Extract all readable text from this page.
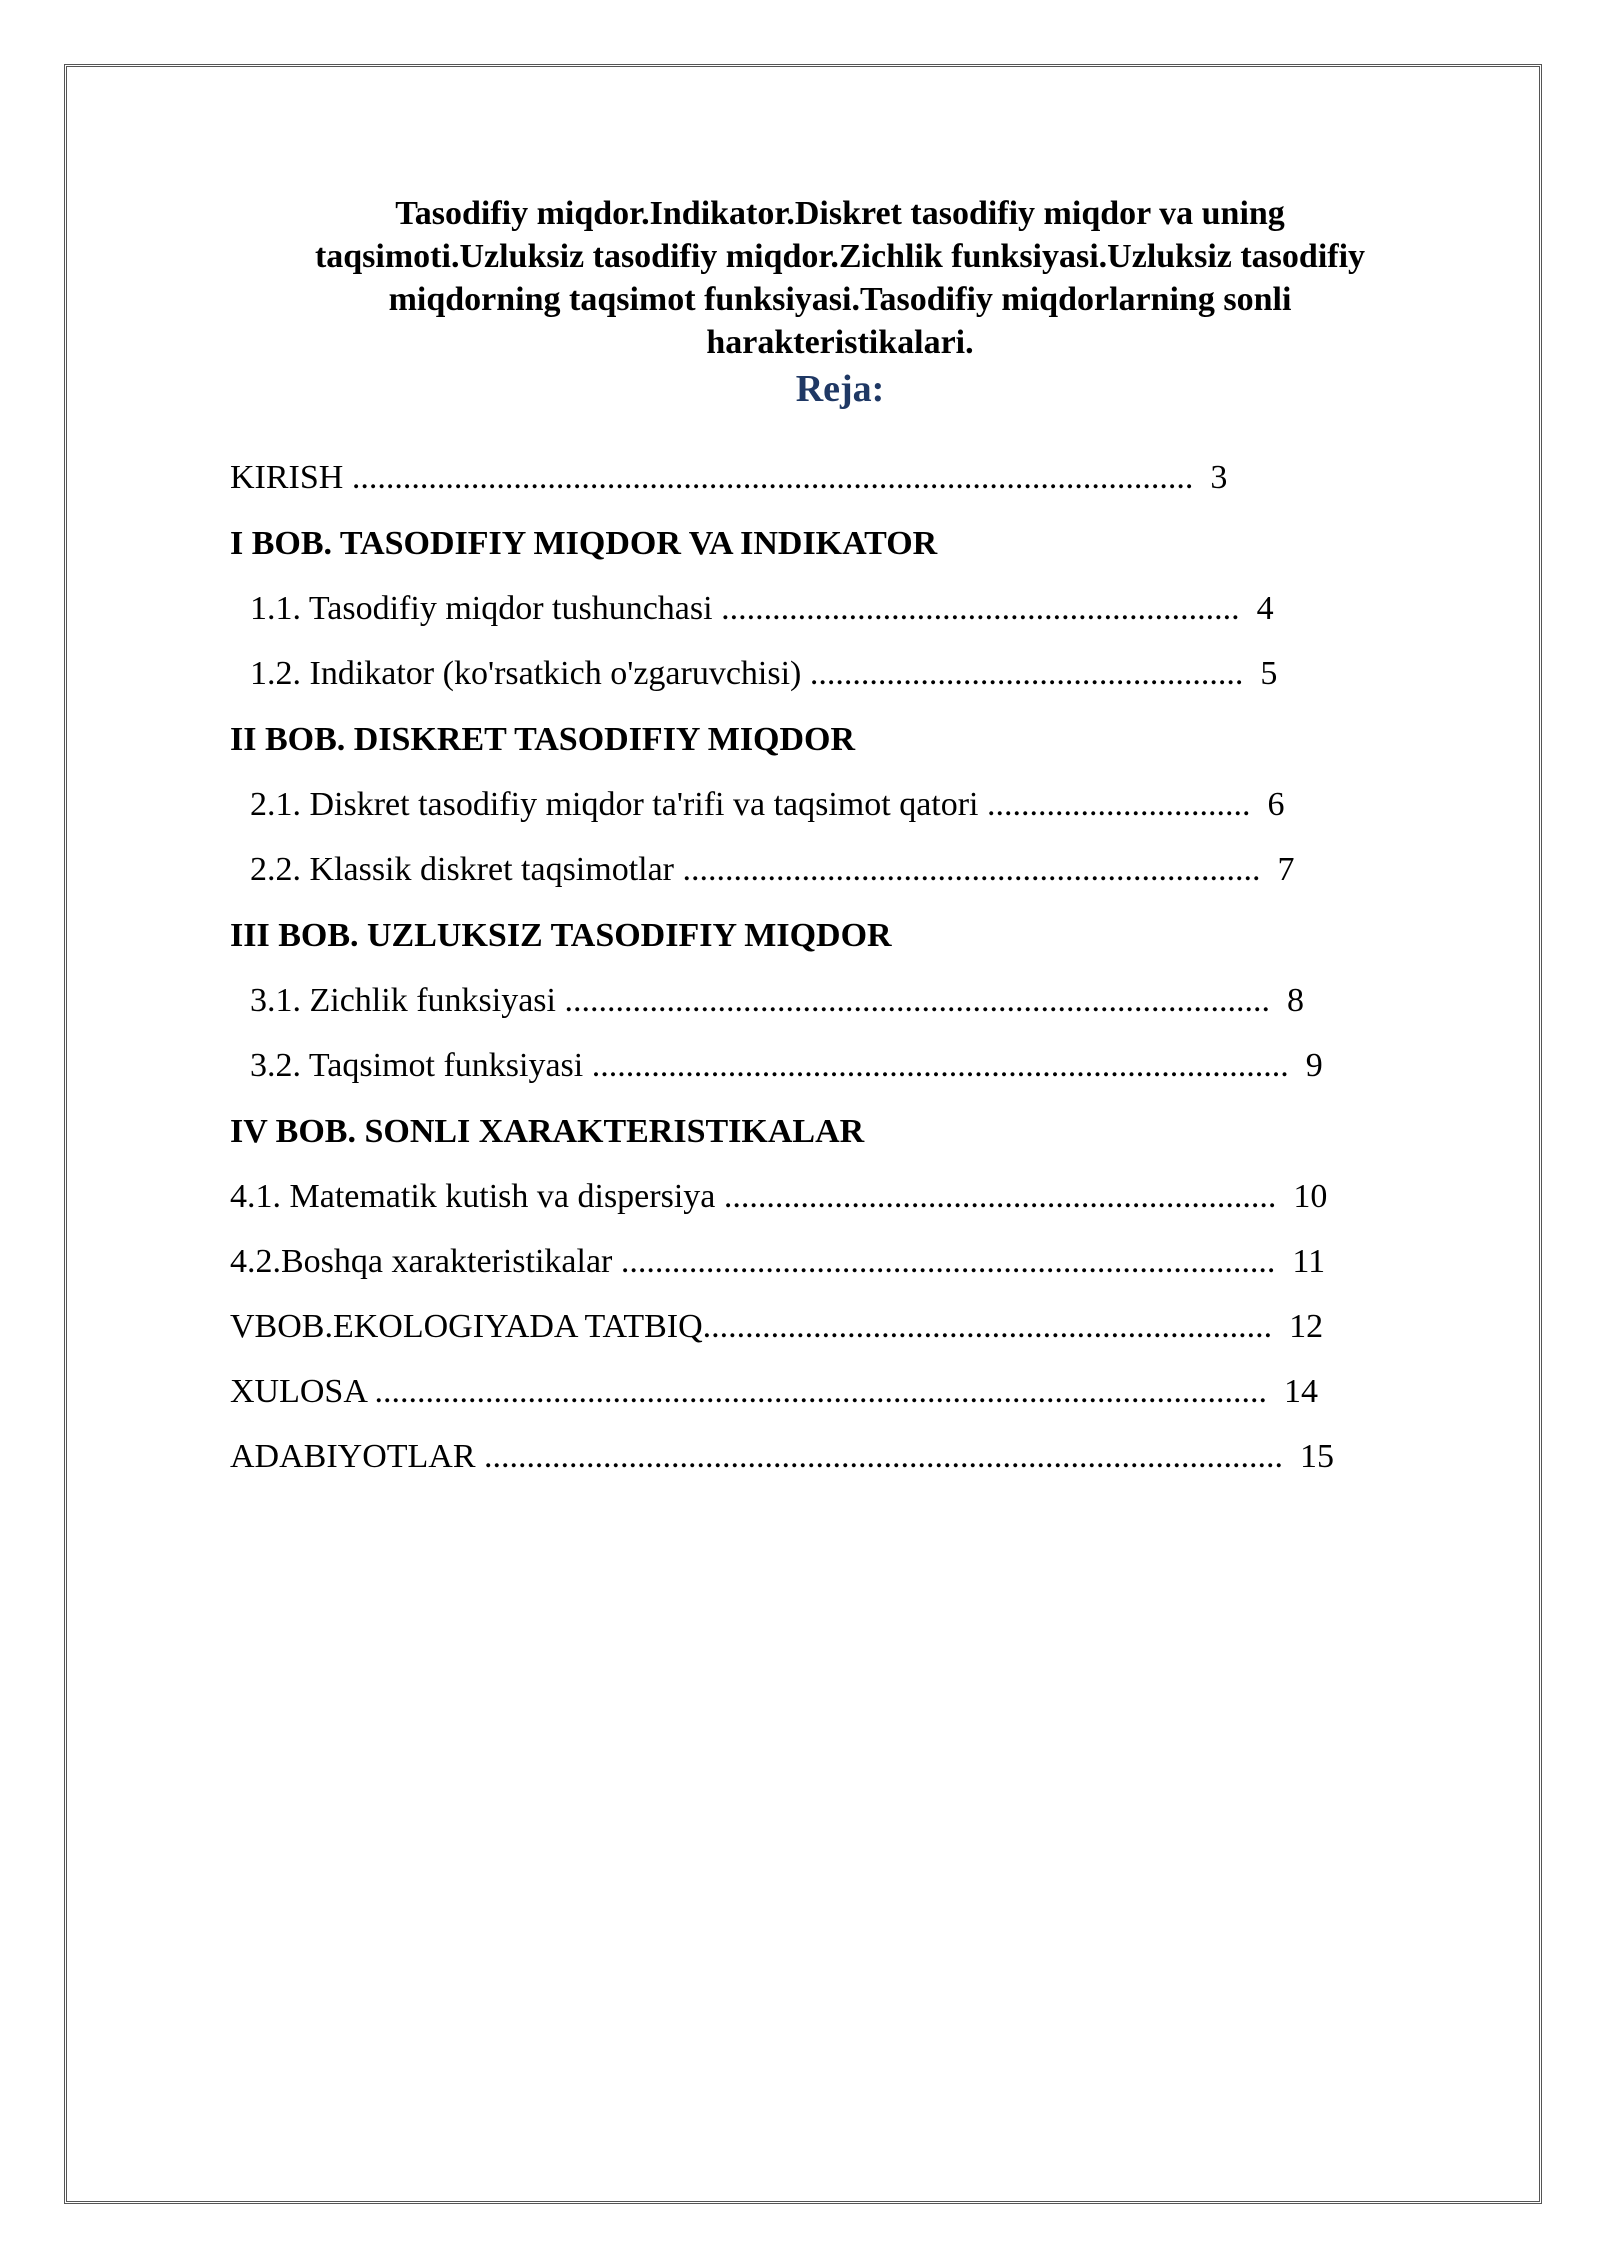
Tasodifiy miqdor.Indikator.Diskret tasodifiy miqdor va uning
taqsimoti.Uzluksiz tasodifiy miqdor.Zichlik funksiyasi.Uzluksiz tasodifiy
miqdorning taqsimot funksiyasi.Tasodifiy miqdorlarning sonli
harakteristikalari.
Reja:
KIRISH ................................................................................................... 3
I BOB. TASODIFIY MIQDOR VA INDIKATOR
1.1. Tasodifiy miqdor tushunchasi ............................................................. 4
1.2. Indikator (ko'rsatkich o'zgaruvchisi) ................................................... 5
II BOB. DISKRET TASODIFIY MIQDOR
2.1. Diskret tasodifiy miqdor ta'rifi va taqsimot qatori ............................... 6
2.2. Klassik diskret taqsimotlar .................................................................... 7
III BOB. UZLUKSIZ TASODIFIY MIQDOR
3.1. Zichlik funksiyasi ................................................................................... 8
3.2. Taqsimot funksiyasi .................................................................................. 9
IV BOB. SONLI XARAKTERISTIKALAR
4.1. Matematik kutish va dispersiya ................................................................. 10
4.2.Boshqa xarakteristikalar ............................................................................. 11
VBOB.EKOLOGIYADA TATBIQ................................................................... 12
XULOSA ......................................................................................................... 14
ADABIYOTLAR .............................................................................................. 15
